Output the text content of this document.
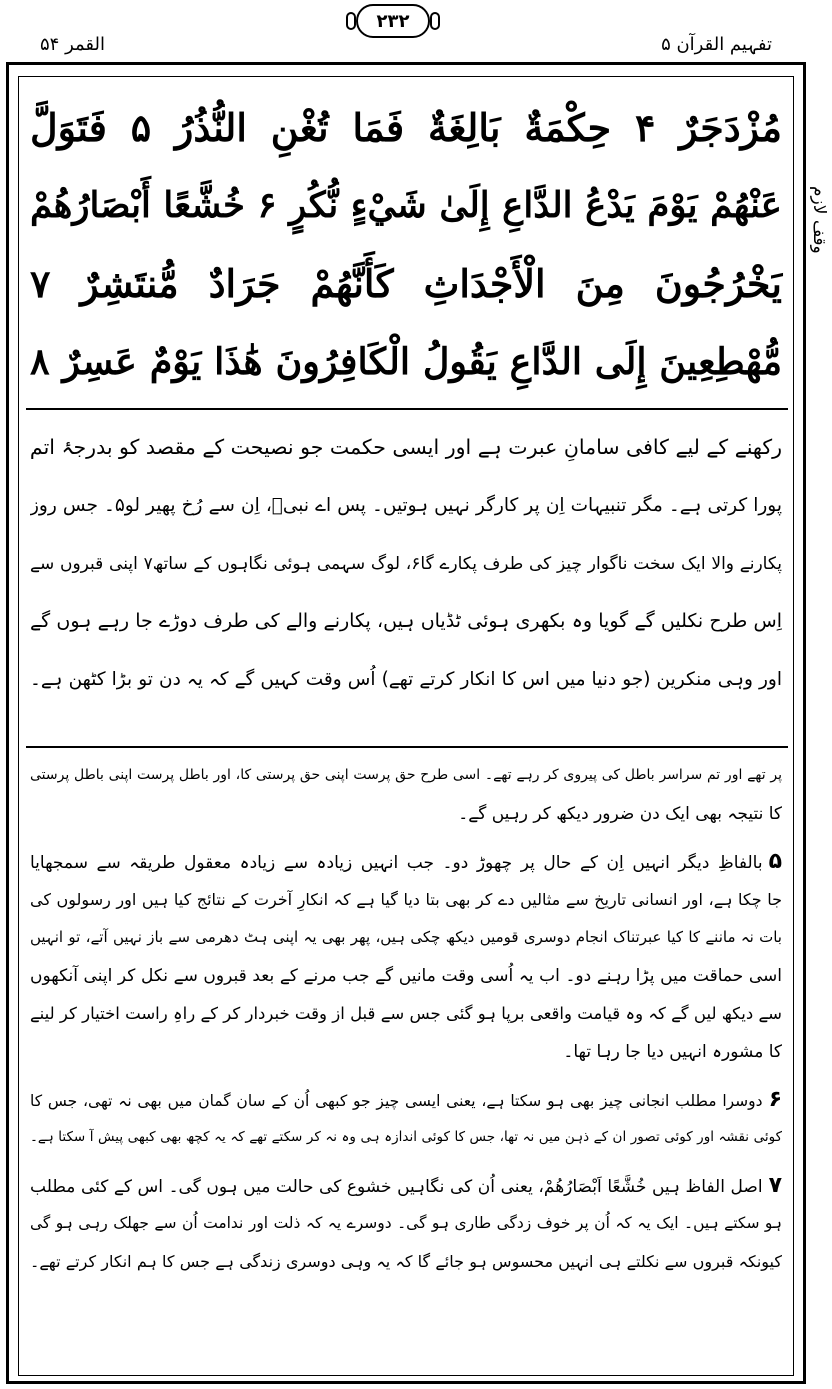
تفہیم القرآن ۵
۲۳۲
القمر ۵۴
وقف لازم
مُزْدَجَرٌ ۴ حِكْمَةٌ بَالِغَةٌ فَمَا تُغْنِ النُّذُرُ ۵ فَتَوَلَّ
عَنْهُمْ يَوْمَ يَدْعُ الدَّاعِ إِلَىٰ شَيْءٍ نُّكُرٍ ۶ خُشَّعًا أَبْصَارُهُمْ
يَخْرُجُونَ مِنَ الْأَجْدَاثِ كَأَنَّهُمْ جَرَادٌ مُّنتَشِرٌ ۷
مُّهْطِعِينَ إِلَى الدَّاعِ يَقُولُ الْكَافِرُونَ هَٰذَا يَوْمٌ عَسِرٌ ۸
رکھنے کے لیے کافی سامانِ عبرت ہے اور ایسی حکمت جو نصیحت کے مقصد کو بدرجۂ اتم
پورا کرتی ہے۔ مگر تنبیہات اِن پر کارگر نہیں ہوتیں۔ پس اے نبیؐ، اِن سے رُخ پھیر لو۵۔ جس روز
پکارنے والا ایک سخت ناگوار چیز کی طرف پکارے گا۶، لوگ سہمی ہوئی نگاہوں کے ساتھ۷ اپنی قبروں سے
اِس طرح نکلیں گے گویا وہ بکھری ہوئی ٹڈیاں ہیں، پکارنے والے کی طرف دوڑے جا رہے ہوں گے
اور وہی منکرین (جو دنیا میں اس کا انکار کرتے تھے) اُس وقت کہیں گے کہ یہ دن تو بڑا کٹھن ہے۔
پر تھے اور تم سراسر باطل کی پیروی کر رہے تھے۔ اسی طرح حق پرست اپنی حق پرستی کا، اور باطل پرست اپنی باطل پرستی
کا نتیجہ بھی ایک دن ضرور دیکھ کر رہیں گے۔
۵بالفاظِ دیگر انہیں اِن کے حال پر چھوڑ دو۔ جب انہیں زیادہ سے زیادہ معقول طریقہ سے سمجھایا
جا چکا ہے، اور انسانی تاریخ سے مثالیں دے کر بھی بتا دیا گیا ہے کہ انکارِ آخرت کے نتائج کیا ہیں اور رسولوں کی
بات نہ ماننے کا کیا عبرتناک انجام دوسری قومیں دیکھ چکی ہیں، پھر بھی یہ اپنی ہٹ دھرمی سے باز نہیں آتے، تو انہیں
اسی حماقت میں پڑا رہنے دو۔ اب یہ اُسی وقت مانیں گے جب مرنے کے بعد قبروں سے نکل کر اپنی آنکھوں
سے دیکھ لیں گے کہ وہ قیامت واقعی برپا ہو گئی جس سے قبل از وقت خبردار کر کے راہِ راست اختیار کر لینے
کا مشورہ انہیں دیا جا رہا تھا۔
۶دوسرا مطلب انجانی چیز بھی ہو سکتا ہے، یعنی ایسی چیز جو کبھی اُن کے سان گمان میں بھی نہ تھی، جس کا
کوئی نقشہ اور کوئی تصور ان کے ذہن میں نہ تھا، جس کا کوئی اندازہ ہی وہ نہ کر سکتے تھے کہ یہ کچھ بھی کبھی پیش آ سکتا ہے۔
۷اصل الفاظ ہیں خُشَّعًا اَبْصَارُهُمْ، یعنی اُن کی نگاہیں خشوع کی حالت میں ہوں گی۔ اس کے کئی مطلب
ہو سکتے ہیں۔ ایک یہ کہ اُن پر خوف زدگی طاری ہو گی۔ دوسرے یہ کہ ذلت اور ندامت اُن سے جھلک رہی ہو گی
کیونکہ قبروں سے نکلتے ہی انہیں محسوس ہو جائے گا کہ یہ وہی دوسری زندگی ہے جس کا ہم انکار کرتے تھے۔
